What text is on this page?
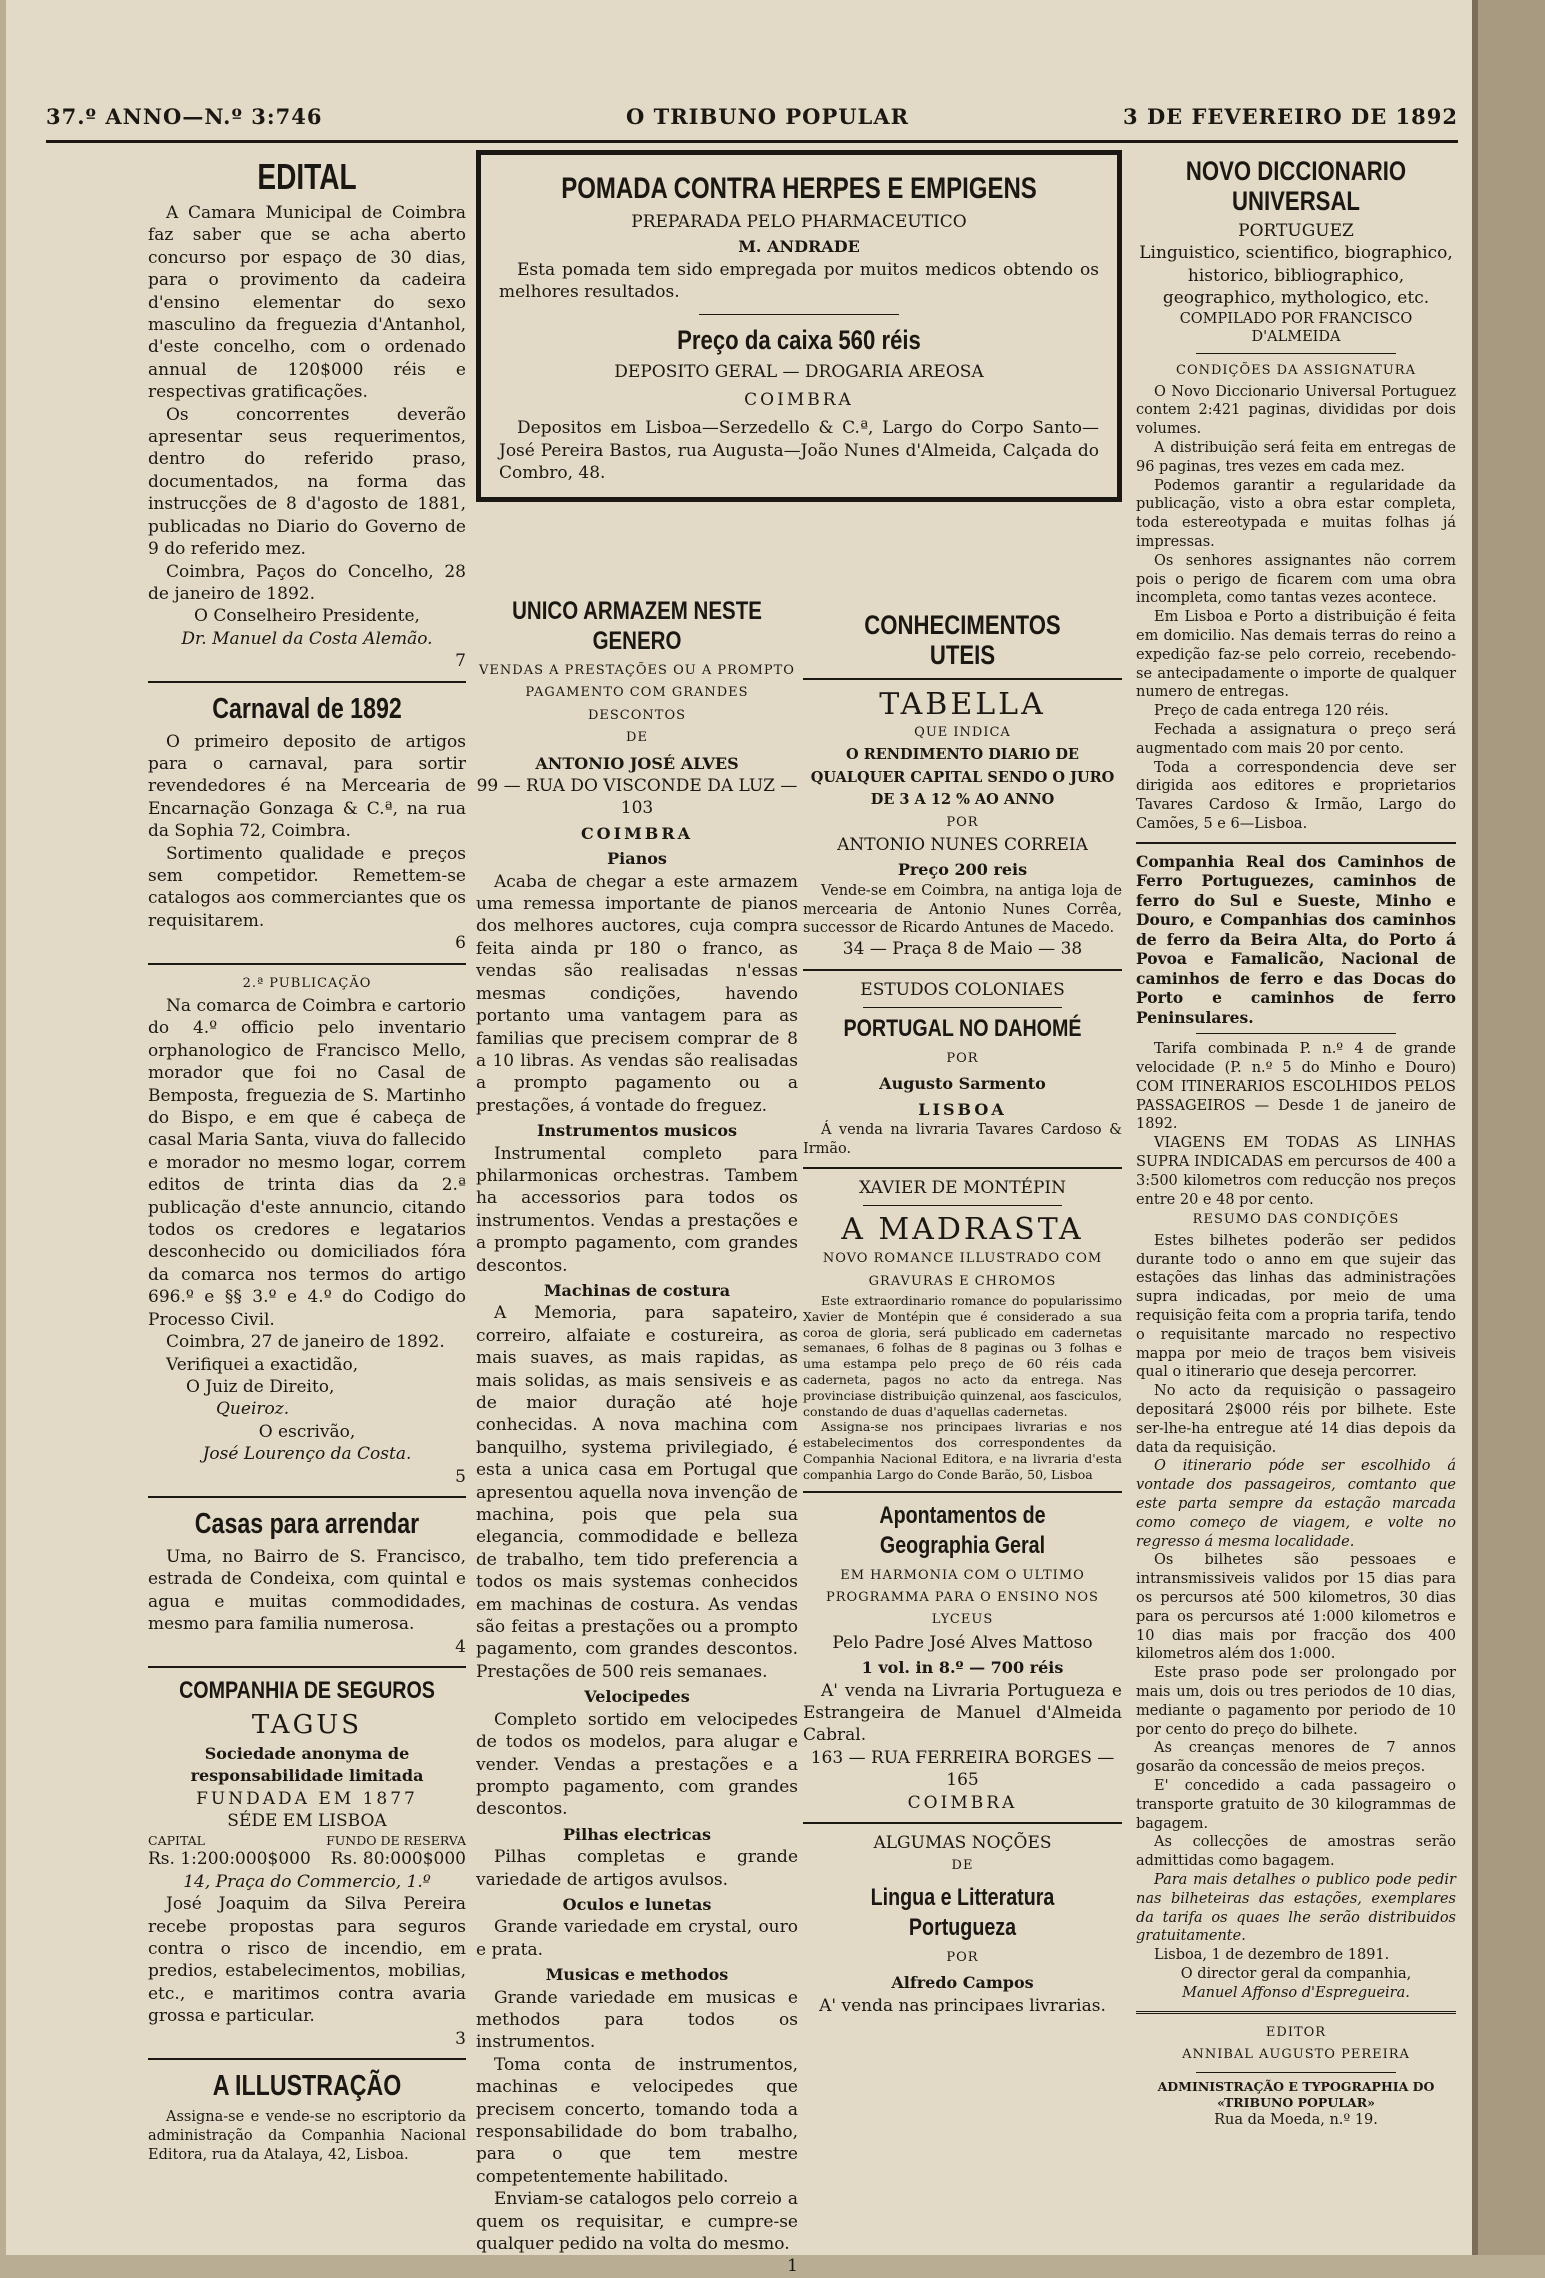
37.º ANNO—N.º 3:746	O TRIBUNO POPULAR	3 DE FEVEREIRO DE 1892
EDITAL

A Camara Municipal de Coimbra faz saber que se acha aberto concurso por espaço de 30 dias, para o provimento da cadeira d'ensino elementar do sexo masculino da freguezia d'Antanhol, d'este concelho, com o ordenado annual de 120$000 réis e respectivas gratificações.

Os concorrentes deverão apresentar seus requerimentos, dentro do referido praso, documentados, na forma das instrucções de 8 d'agosto de 1881, publicadas no Diario do Governo de 9 do referido mez.

Coimbra, Paços do Concelho, 28 de janeiro de 1892.

O Conselheiro Presidente,

Dr. Manuel da Costa Alemão.

7

Carnaval de 1892

O primeiro deposito de artigos para o carnaval, para sortir revendedores é na Mercearia de Encarnação Gonzaga & C.ª, na rua da Sophia 72, Coimbra.

Sortimento qualidade e preços sem competidor. Remettem-se catalogos aos commerciantes que os requisitarem.

6

2.ª PUBLICAÇÃO

Na comarca de Coimbra e cartorio do 4.º officio pelo inventario orphanologico de Francisco Mello, morador que foi no Casal de Bemposta, freguezia de S. Martinho do Bispo, e em que é cabeça de casal Maria Santa, viuva do fallecido e morador no mesmo logar, correm editos de trinta dias da 2.ª publicação d'este annuncio, citando todos os credores e legatarios desconhecido ou domiciliados fóra da comarca nos termos do artigo 696.º e §§ 3.º e 4.º do Codigo do Processo Civil.

Coimbra, 27 de janeiro de 1892.

Verifiquei a exactidão,

O Juiz de Direito,

Queiroz.

O escrivão,

José Lourenço da Costa.

5

Casas para arrendar

Uma, no Bairro de S. Francisco, estrada de Condeixa, com quintal e agua e muitas commodidades, mesmo para familia numerosa.

4

COMPANHIA DE SEGUROS

TAGUS

Sociedade anonyma de responsabilidade limitada

FUNDADA EM 1877

SÉDE EM LISBOA

CAPITAL	FUNDO DE RESERVA
Rs. 1:200:000$000 Rs. 80:000$000

14, Praça do Commercio, 1.º

José Joaquim da Silva Pereira recebe propostas para seguros contra o risco de incendio, em predios, estabelecimentos, mobilias, etc., e maritimos contra avaria grossa e particular.

3

A ILLUSTRAÇÃO

Assigna-se e vende-se no escriptorio da administração da Companhia Nacional Editora, rua da Atalaya, 42, Lisboa.

POMADA CONTRA HERPES E EMPIGENS

PREPARADA PELO PHARMACEUTICO

M. ANDRADE

Esta pomada tem sido empregada por muitos medicos obtendo os melhores resultados.

Preço da caixa 560 réis

DEPOSITO GERAL — DROGARIA AREOSA

COIMBRA

Depositos em Lisboa—Serzedello & C.ª, Largo do Corpo Santo—José Pereira Bastos, rua Augusta—João Nunes d'Almeida, Calçada do Combro, 48.

UNICO ARMAZEM NESTE GENERO

VENDAS A PRESTAÇÕES OU A PROMPTO PAGAMENTO COM GRANDES DESCONTOS

DE

ANTONIO JOSÉ ALVES

99 — RUA DO VISCONDE DA LUZ — 103

COIMBRA

Pianos

Acaba de chegar a este armazem uma remessa importante de pianos dos melhores auctores, cuja compra feita ainda pr 180 o franco, as vendas são realisadas n'essas mesmas condições, havendo portanto uma vantagem para as familias que precisem comprar de 8 a 10 libras. As vendas são realisadas a prompto pagamento ou a prestações, á vontade do freguez.

Instrumentos musicos

Instrumental completo para philarmonicas orchestras. Tambem ha accessorios para todos os instrumentos. Vendas a prestações e a prompto pagamento, com grandes descontos.

Machinas de costura

A Memoria, para sapateiro, correiro, alfaiate e costureira, as mais suaves, as mais rapidas, as mais solidas, as mais sensiveis e as de maior duração até hoje conhecidas. A nova machina com banquilho, systema privilegiado, é esta a unica casa em Portugal que apresentou aquella nova invenção de machina, pois que pela sua elegancia, commodidade e belleza de trabalho, tem tido preferencia a todos os mais systemas conhecidos em machinas de costura. As vendas são feitas a prestações ou a prompto pagamento, com grandes descontos. Prestações de 500 reis semanaes.

Velocipedes

Completo sortido em velocipedes de todos os modelos, para alugar e vender. Vendas a prestações e a prompto pagamento, com grandes descontos.

Pilhas electricas

Pilhas completas e grande variedade de artigos avulsos.

Oculos e lunetas

Grande variedade em crystal, ouro e prata.

Musicas e methodos

Grande variedade em musicas e methodos para todos os instrumentos.

Toma conta de instrumentos, machinas e velocipedes que precisem concerto, tomando toda a responsabilidade do bom trabalho, para o que tem mestre competentemente habilitado.

Enviam-se catalogos pelo correio a quem os requisitar, e cumpre-se qualquer pedido na volta do mesmo.

1

CONHECIMENTOS UTEIS

TABELLA

QUE INDICA

O RENDIMENTO DIARIO DE QUALQUER CAPITAL SENDO O JURO DE 3 A 12 % AO ANNO

POR

ANTONIO NUNES CORREIA

Preço 200 reis

Vende-se em Coimbra, na antiga loja de mercearia de Antonio Nunes Corrêa, successor de Ricardo Antunes de Macedo.

34 — Praça 8 de Maio — 38

ESTUDOS COLONIAES

PORTUGAL NO DAHOMÉ

POR

Augusto Sarmento

LISBOA

Á venda na livraria Tavares Cardoso & Irmão.

XAVIER DE MONTÉPIN

A MADRASTA

NOVO ROMANCE ILLUSTRADO COM GRAVURAS E CHROMOS

Este extraordinario romance do popularissimo Xavier de Montépin que é considerado a sua coroa de gloria, será publicado em cadernetas semanaes, 6 folhas de 8 paginas ou 3 folhas e uma estampa pelo preço de 60 réis cada caderneta, pagos no acto da entrega. Nas provinciase distribuição quinzenal, aos fasciculos, constando de duas d'aquellas cadernetas.

Assigna-se nos principaes livrarias e nos estabelecimentos dos correspondentes da Companhia Nacional Editora, e na livraria d'esta companhia Largo do Conde Barão, 50, Lisboa

Apontamentos de Geographia Geral

EM HARMONIA COM O ULTIMO PROGRAMMA PARA O ENSINO NOS LYCEUS

Pelo Padre José Alves Mattoso

1 vol. in 8.º — 700 réis

A' venda na Livraria Portugueza e Estrangeira de Manuel d'Almeida Cabral.

163 — RUA FERREIRA BORGES — 165

COIMBRA

ALGUMAS NOÇÕES

DE

Lingua e Litteratura Portugueza

POR

Alfredo Campos

A' venda nas principaes livrarias.

NOVO DICCIONARIO UNIVERSAL

PORTUGUEZ

Linguistico, scientifico, biographico, historico, bibliographico, geographico, mythologico, etc.

COMPILADO POR FRANCISCO D'ALMEIDA

CONDIÇÕES DA ASSIGNATURA

O Novo Diccionario Universal Portuguez contem 2:421 paginas, divididas por dois volumes.

A distribuição será feita em entregas de 96 paginas, tres vezes em cada mez.

Podemos garantir a regularidade da publicação, visto a obra estar completa, toda estereotypada e muitas folhas já impressas.

Os senhores assignantes não correm pois o perigo de ficarem com uma obra incompleta, como tantas vezes acontece.

Em Lisboa e Porto a distribuição é feita em domicilio. Nas demais terras do reino a expedição faz-se pelo correio, recebendo-se antecipadamente o importe de qualquer numero de entregas.

Preço de cada entrega 120 réis.

Fechada a assignatura o preço será augmentado com mais 20 por cento.

Toda a correspondencia deve ser dirigida aos editores e proprietarios Tavares Cardoso & Irmão, Largo do Camões, 5 e 6—Lisboa.

Companhia Real dos Caminhos de Ferro Portuguezes, caminhos de ferro do Sul e Sueste, Minho e Douro, e Companhias dos caminhos de ferro da Beira Alta, do Porto á Povoa e Famalicão, Nacional de caminhos de ferro e das Docas do Porto e caminhos de ferro Peninsulares.

Tarifa combinada P. n.º 4 de grande velocidade (P. n.º 5 do Minho e Douro) COM ITINERARIOS ESCOLHIDOS PELOS PASSAGEIROS — Desde 1 de janeiro de 1892.

VIAGENS EM TODAS AS LINHAS SUPRA INDICADAS em percursos de 400 a 3:500 kilometros com reducção nos preços entre 20 e 48 por cento.

RESUMO DAS CONDIÇÕES

Estes bilhetes poderão ser pedidos durante todo o anno em que sujeir das estações das linhas das administrações supra indicadas, por meio de uma requisição feita com a propria tarifa, tendo o requisitante marcado no respectivo mappa por meio de traços bem visiveis qual o itinerario que deseja percorrer.

No acto da requisição o passageiro depositará 2$000 réis por bilhete. Este ser-lhe-ha entregue até 14 dias depois da data da requisição.

O itinerario póde ser escolhido á vontade dos passageiros, comtanto que este parta sempre da estação marcada como começo de viagem, e volte no regresso á mesma localidade.

Os bilhetes são pessoaes e intransmissiveis validos por 15 dias para os percursos até 500 kilometros, 30 dias para os percursos até 1:000 kilometros e 10 dias mais por fracção dos 400 kilometros além dos 1:000.

Este praso pode ser prolongado por mais um, dois ou tres periodos de 10 dias, mediante o pagamento por periodo de 10 por cento do preço do bilhete.

As creanças menores de 7 annos gosarão da concessão de meios preços.

E' concedido a cada passageiro o transporte gratuito de 30 kilogrammas de bagagem.

As collecções de amostras serão admittidas como bagagem.

Para mais detalhes o publico pode pedir nas bilheteiras das estações, exemplares da tarifa os quaes lhe serão distribuidos gratuitamente.

Lisboa, 1 de dezembro de 1891.

O director geral da companhia,

Manuel Affonso d'Espregueira.

EDITOR

ANNIBAL AUGUSTO PEREIRA

ADMINISTRAÇÃO E TYPOGRAPHIA DO «TRIBUNO POPULAR»

Rua da Moeda, n.º 19.
